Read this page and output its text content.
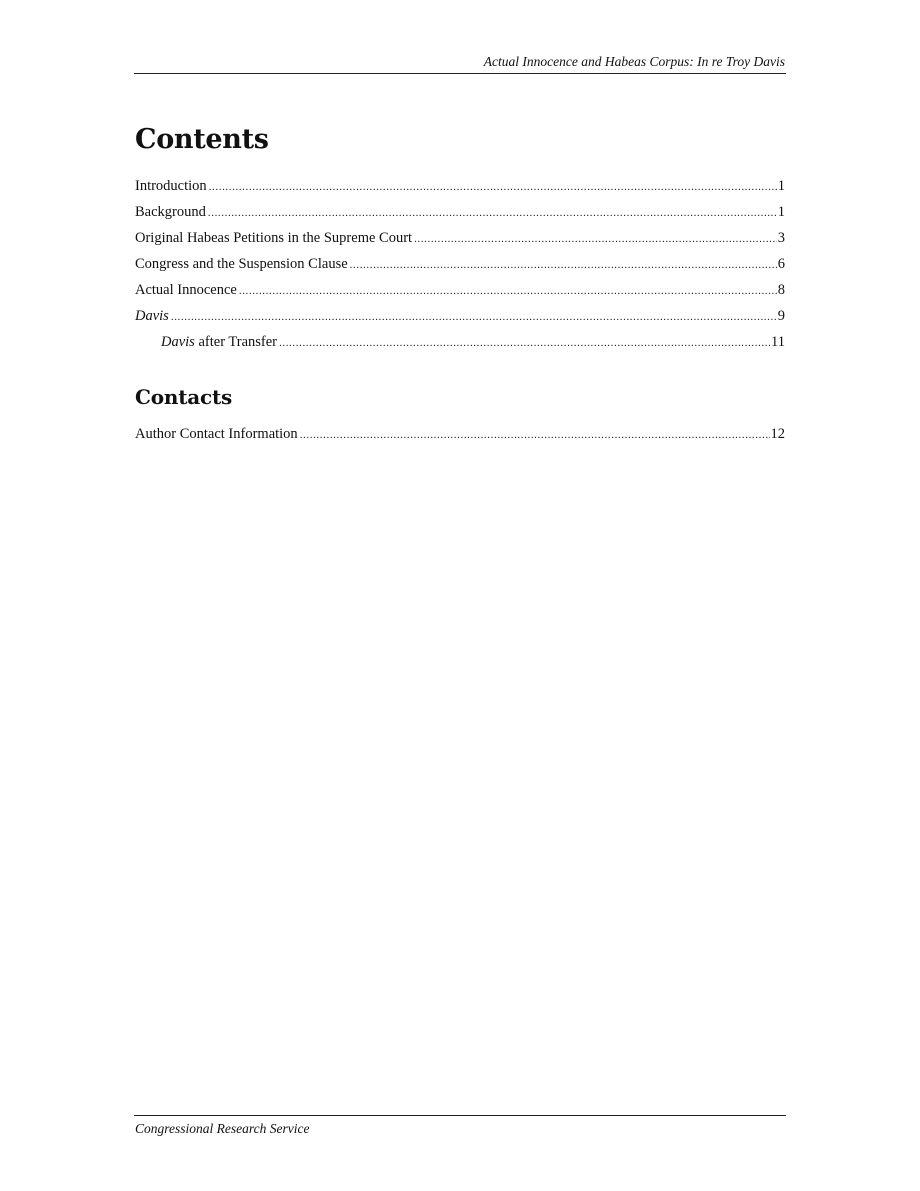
Actual Innocence and Habeas Corpus: In re Troy Davis
Contents
Introduction .....	1
Background .....	1
Original Habeas Petitions in the Supreme Court .....	3
Congress and the Suspension Clause .....	6
Actual Innocence .....	8
Davis .....	9
Davis after Transfer .....	11
Contacts
Author Contact Information .....	12
Congressional Research Service
